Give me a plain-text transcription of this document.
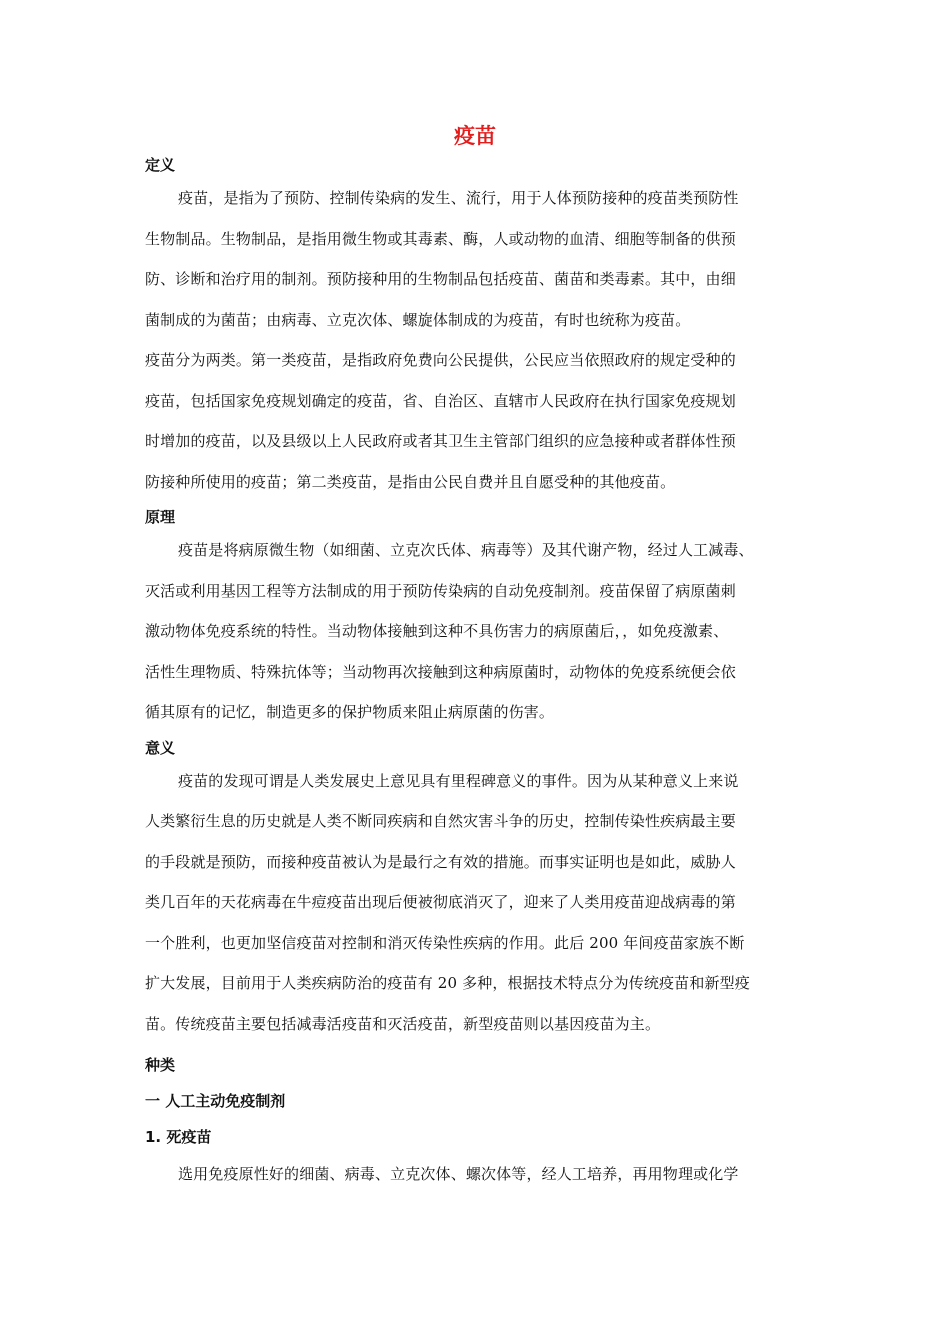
疫苗
定义
疫苗，是指为了预防、控制传染病的发生、流行，用于人体预防接种的疫苗类预防性
生物制品。生物制品，是指用微生物或其毒素、酶，人或动物的血清、细胞等制备的供预
防、诊断和治疗用的制剂。预防接种用的生物制品包括疫苗、菌苗和类毒素。其中，由细
菌制成的为菌苗；由病毒、立克次体、螺旋体制成的为疫苗，有时也统称为疫苗。
疫苗分为两类。第一类疫苗，是指政府免费向公民提供，公民应当依照政府的规定受种的
疫苗，包括国家免疫规划确定的疫苗，省、自治区、直辖市人民政府在执行国家免疫规划
时增加的疫苗，以及县级以上人民政府或者其卫生主管部门组织的应急接种或者群体性预
防接种所使用的疫苗；第二类疫苗，是指由公民自费并且自愿受种的其他疫苗。
原理
疫苗是将病原微生物（如细菌、立克次氏体、病毒等）及其代谢产物，经过人工减毒、
灭活或利用基因工程等方法制成的用于预防传染病的自动免疫制剂。疫苗保留了病原菌刺
激动物体免疫系统的特性。当动物体接触到这种不具伤害力的病原菌后，，如免疫激素、
活性生理物质、特殊抗体等；当动物再次接触到这种病原菌时，动物体的免疫系统便会依
循其原有的记忆，制造更多的保护物质来阻止病原菌的伤害。
意义
疫苗的发现可谓是人类发展史上意见具有里程碑意义的事件。因为从某种意义上来说
人类繁衍生息的历史就是人类不断同疾病和自然灾害斗争的历史，控制传染性疾病最主要
的手段就是预防，而接种疫苗被认为是最行之有效的措施。而事实证明也是如此，威胁人
类几百年的天花病毒在牛痘疫苗出现后便被彻底消灭了，迎来了人类用疫苗迎战病毒的第
一个胜利，也更加坚信疫苗对控制和消灭传染性疾病的作用。此后 200 年间疫苗家族不断
扩大发展，目前用于人类疾病防治的疫苗有 20 多种，根据技术特点分为传统疫苗和新型疫
苗。传统疫苗主要包括减毒活疫苗和灭活疫苗，新型疫苗则以基因疫苗为主。
种类
一 人工主动免疫制剂
1. 死疫苗
选用免疫原性好的细菌、病毒、立克次体、螺次体等，经人工培养，再用物理或化学
